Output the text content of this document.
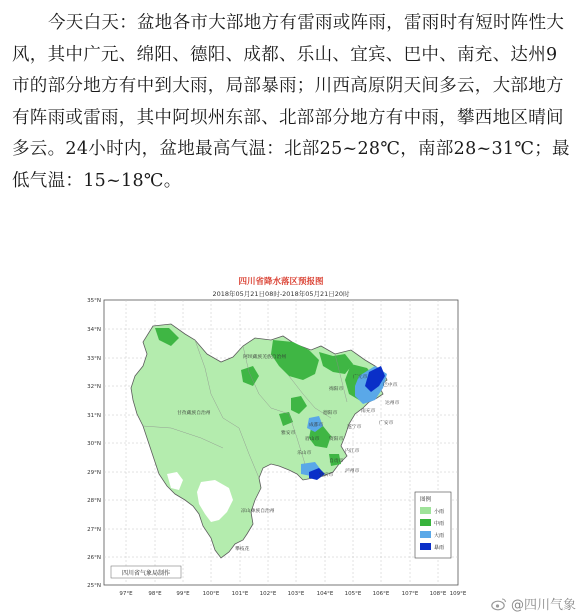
今天白天：盆地各市大部地方有雷雨或阵雨，雷雨时有短时阵性大风，其中广元、绵阳、德阳、成都、乐山、宜宾、巴中、南充、达州9市的部分地方有中到大雨，局部暴雨；川西高原阴天间多云，大部地方有阵雨或雷雨，其中阿坝州东部、北部部分地方有中雨，攀西地区晴间多云。24小时内，盆地最高气温：北部25~28℃，南部28~31℃；最低气温：15~18℃。
四川省降水落区预报图
2018年05月21日08时-2018年05月21日20时
阿坝藏族羌族自治州
甘孜藏族自治州
凉山彝族自治州
广元市
巴中市
绵阳市
达州市
南充市
德阳市
成都市	遂宁市
广安市
雅安市
眉山市 资阳市
内江市
乐山市
自贡市
宜宾市
泸州市
攀枝花
35°N
34°N
33°N
32°N
31°N
30°N
29°N
28°N
27°N
26°N
25°N
97°E	98°E	99°E 100°E 101°E 102°E 103°E 104°E 105°E 106°E 107°E 108°E 109°E
四川省气象局制作
图例
小雨
中雨
大雨
暴雨
@四川气象
